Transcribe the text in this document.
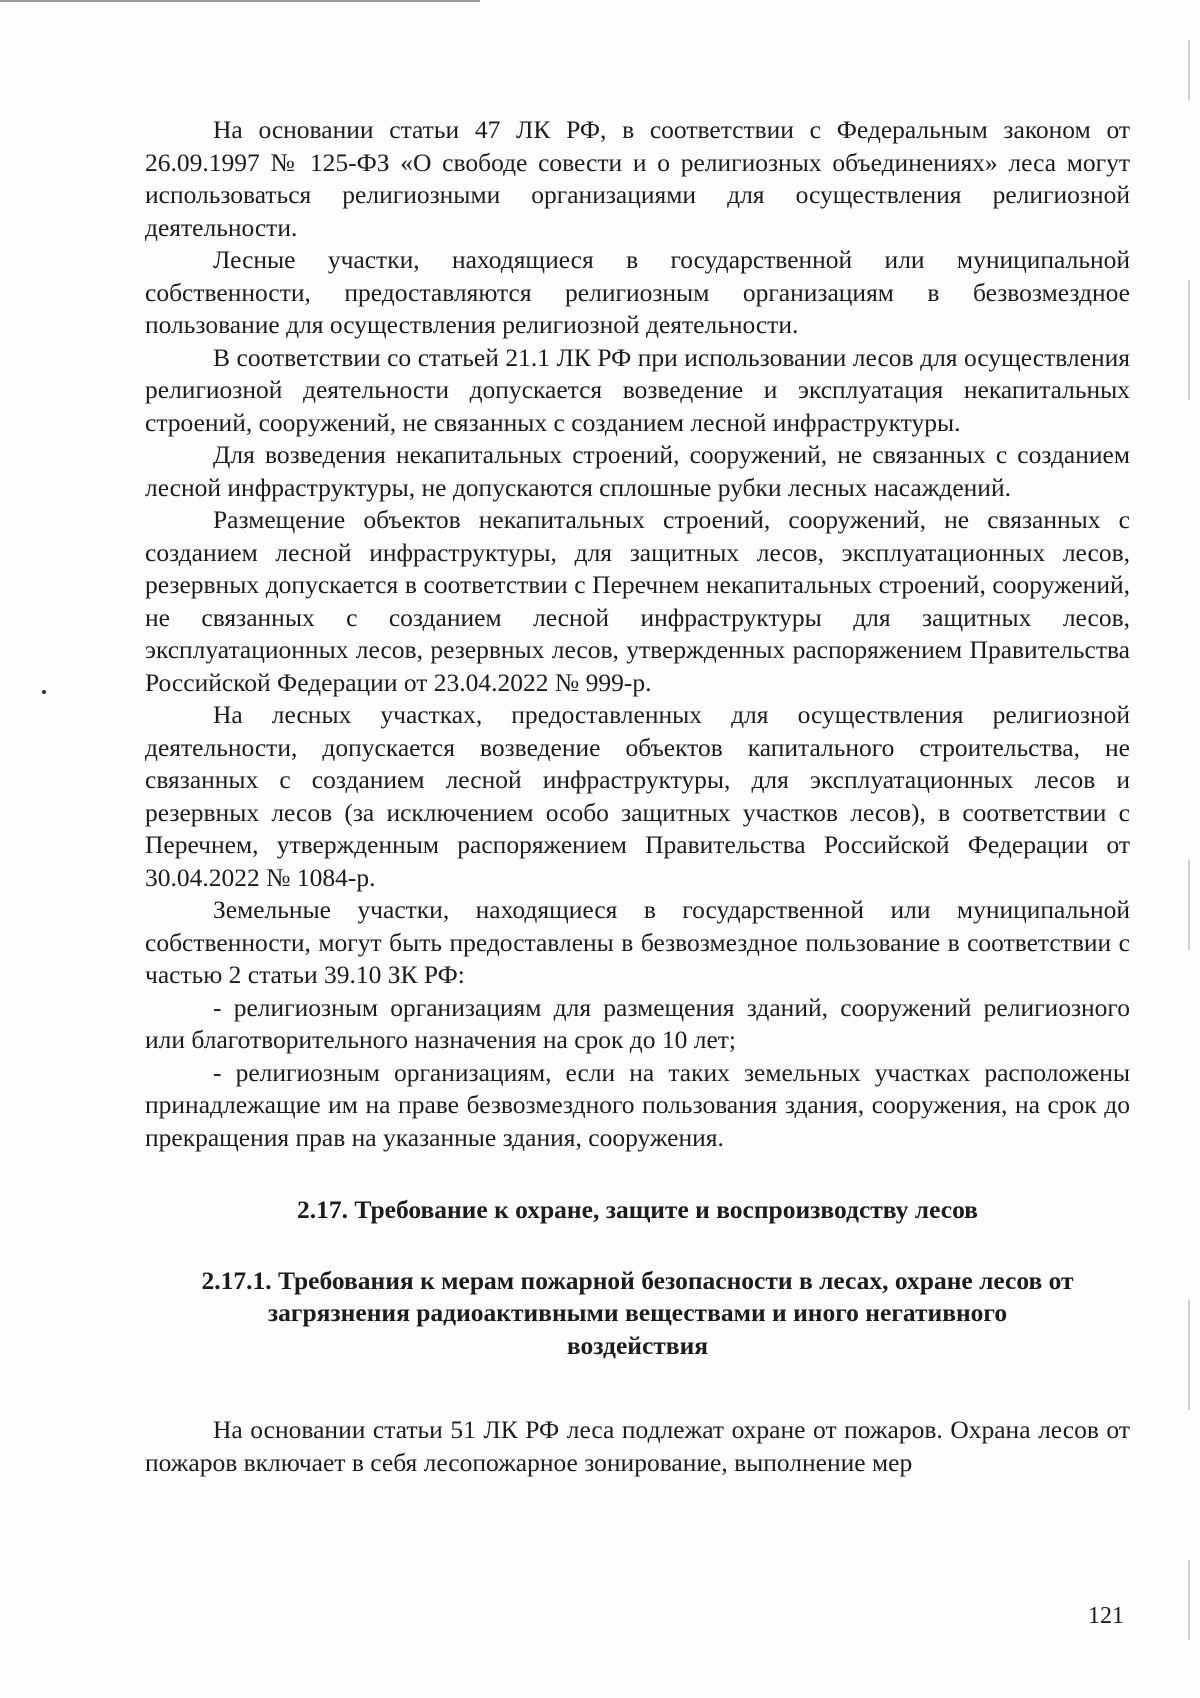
На основании статьи 47 ЛК РФ, в соответствии с Федеральным законом от 26.09.1997 № 125-ФЗ «О свободе совести и о религиозных объединениях» леса могут использоваться религиозными организациями для осуществления религиозной деятельности.

Лесные участки, находящиеся в государственной или муниципальной собственности, предоставляются религиозным организациям в безвозмездное пользование для осуществления религиозной деятельности.

В соответствии со статьей 21.1 ЛК РФ при использовании лесов для осуществления религиозной деятельности допускается возведение и эксплуатация некапитальных строений, сооружений, не связанных с созданием лесной инфраструктуры.

Для возведения некапитальных строений, сооружений, не связанных с созданием лесной инфраструктуры, не допускаются сплошные рубки лесных насаждений.

Размещение объектов некапитальных строений, сооружений, не связанных с созданием лесной инфраструктуры, для защитных лесов, эксплуатационных лесов, резервных допускается в соответствии с Перечнем некапитальных строений, сооружений, не связанных с созданием лесной инфраструктуры для защитных лесов, эксплуатационных лесов, резервных лесов, утвержденных распоряжением Правительства Российской Федерации от 23.04.2022 № 999-р.

На лесных участках, предоставленных для осуществления религиозной деятельности, допускается возведение объектов капитального строительства, не связанных с созданием лесной инфраструктуры, для эксплуатационных лесов и резервных лесов (за исключением особо защитных участков лесов), в соответствии с Перечнем, утвержденным распоряжением Правительства Российской Федерации от 30.04.2022 № 1084-р.

Земельные участки, находящиеся в государственной или муниципальной собственности, могут быть предоставлены в безвозмездное пользование в соответствии с частью 2 статьи 39.10 ЗК РФ:

- религиозным организациям для размещения зданий, сооружений религиозного или благотворительного назначения на срок до 10 лет;

- религиозным организациям, если на таких земельных участках расположены принадлежащие им на праве безвозмездного пользования здания, сооружения, на срок до прекращения прав на указанные здания, сооружения.

2.17. Требование к охране, защите и воспроизводству лесов
2.17.1. Требования к мерам пожарной безопасности в лесах, охране лесов от
загрязнения радиоактивными веществами и иного негативного
воздействия

На основании статьи 51 ЛК РФ леса подлежат охране от пожаров. Охрана лесов от пожаров включает в себя лесопожарное зонирование, выполнение мер

121
